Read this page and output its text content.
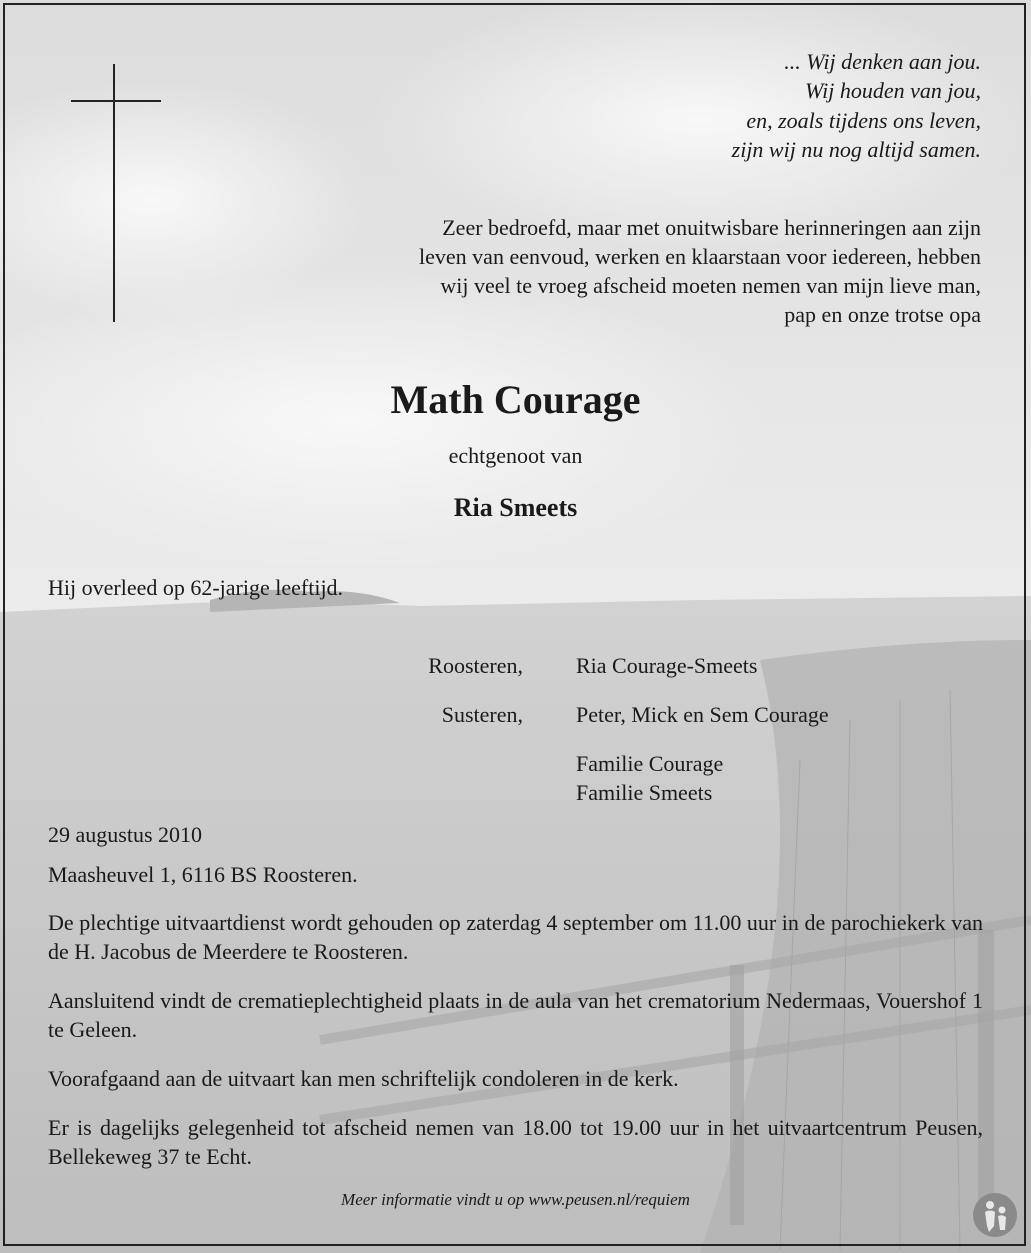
... Wij denken aan jou.
Wij houden van jou,
en, zoals tijdens ons leven,
zijn wij nu nog altijd samen.
Zeer bedroefd, maar met onuitwisbare herinneringen aan zijn
leven van eenvoud, werken en klaarstaan voor iedereen, hebben
wij veel te vroeg afscheid moeten nemen van mijn lieve man,
pap en onze trotse opa
Math Courage
echtgenoot van
Ria Smeets
Hij overleed op 62-jarige leeftijd.
Roosteren, Ria Courage-Smeets
Susteren, Peter, Mick en Sem Courage
Familie Courage
Familie Smeets
29 augustus 2010
Maasheuvel 1, 6116 BS Roosteren.
De plechtige uitvaartdienst wordt gehouden op zaterdag 4 september om 11.00 uur in de parochiekerk van de H. Jacobus de Meerdere te Roosteren.
Aansluitend vindt de crematieplechtigheid plaats in de aula van het crematorium Nedermaas, Vouershof 1 te Geleen.
Voorafgaand aan de uitvaart kan men schriftelijk condoleren in de kerk.
Er is dagelijks gelegenheid tot afscheid nemen van 18.00 tot 19.00 uur in het uitvaartcentrum Peusen, Bellekeweg 37 te Echt.
Meer informatie vindt u op www.peusen.nl/requiem
